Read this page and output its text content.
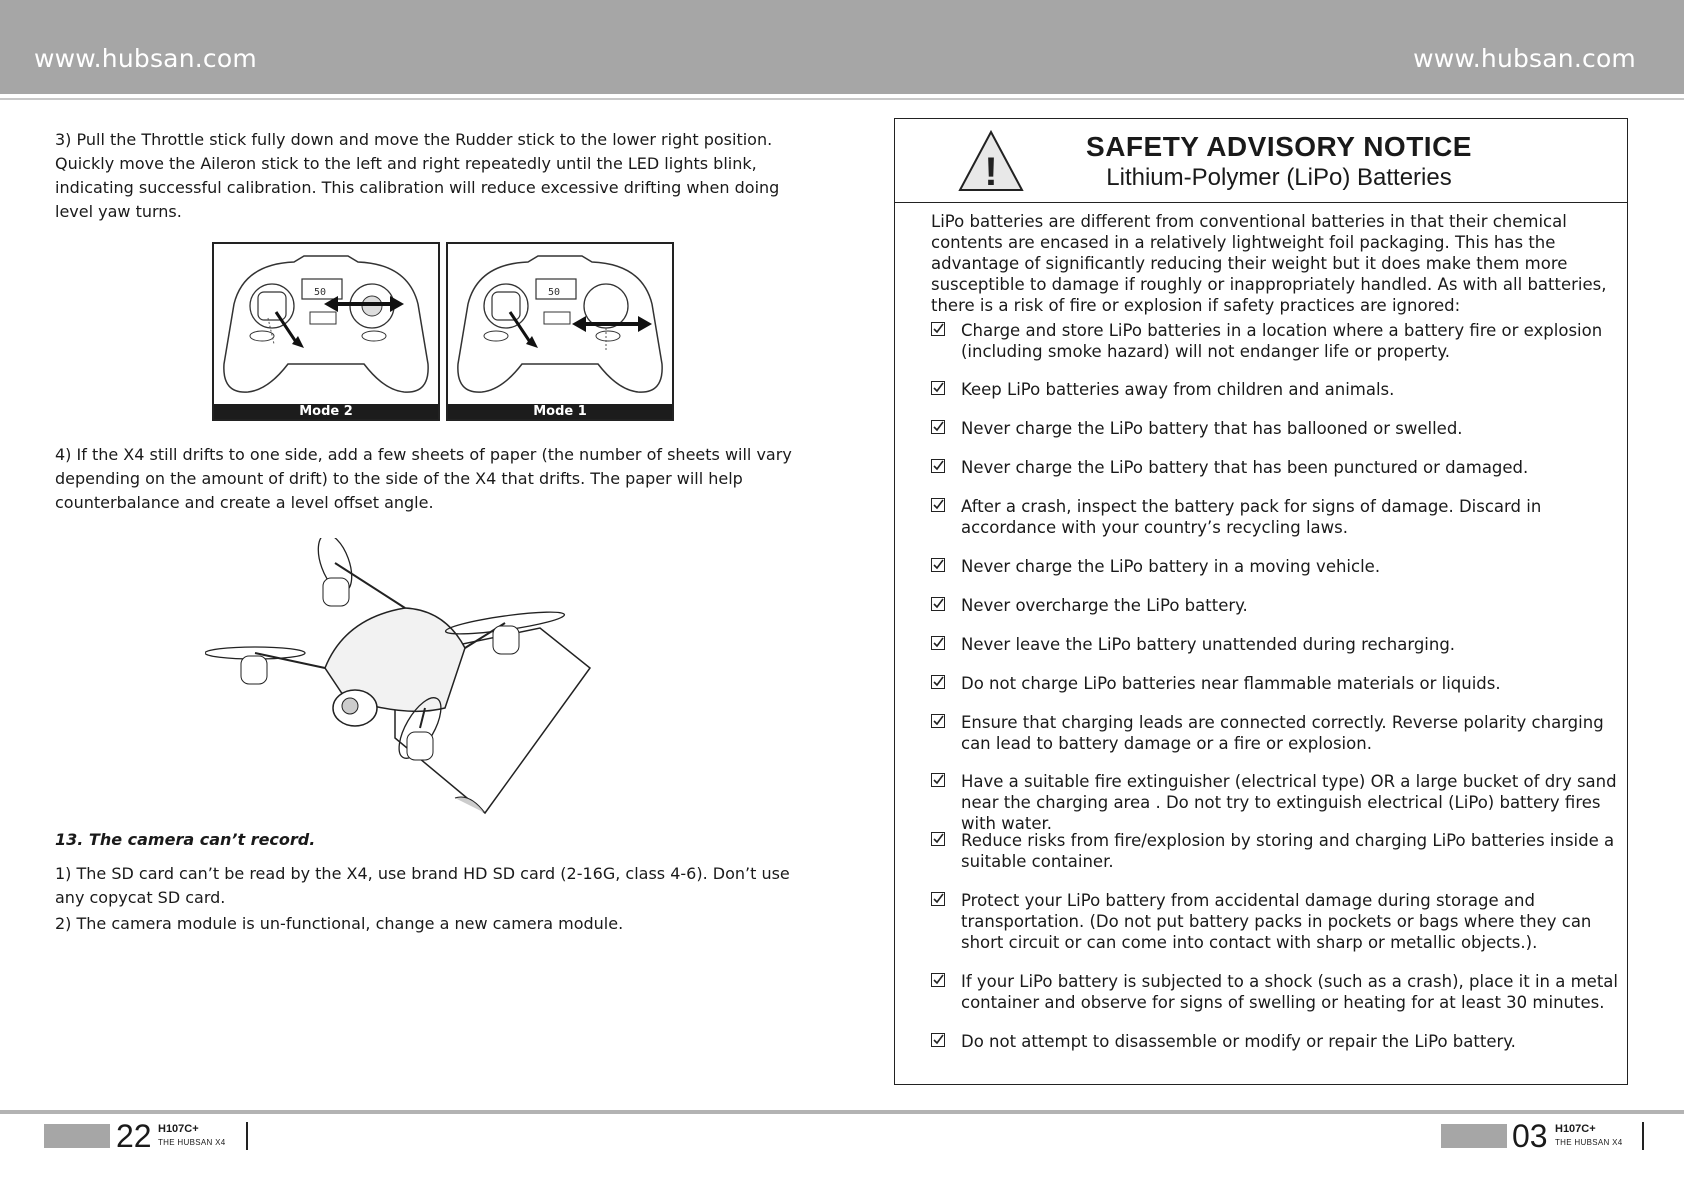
www.hubsan.com	www.hubsan.com
3) Pull the Throttle stick fully down and move the Rudder stick to the lower right position. Quickly move the Aileron stick to the left and right repeatedly until the LED lights blink, indicating successful calibration. This calibration will reduce excessive drifting when doing level yaw turns.
50
Mode 2
50
Mode 1
4) If the X4 still drifts to one side, add a few sheets of paper (the number of sheets will vary depending on the amount of drift) to the side of the X4 that drifts. The paper will help counterbalance and create a level offset angle.
13. The camera can’t record.
1) The SD card can’t be read by the X4, use brand HD SD card (2-16G, class 4-6). Don’t use any copycat SD card.
2) The camera module is un-functional, change a new camera module.
!
SAFETY ADVISORY NOTICE
Lithium-Polymer (LiPo) Batteries
LiPo batteries are different from conventional batteries in that their chemical contents are encased in a relatively lightweight foil packaging. This has the advantage of significantly reducing their weight but it does make them more susceptible to damage if roughly or inappropriately handled. As with all batteries, there is a risk of fire or explosion if safety practices are ignored:
Charge and store LiPo batteries in a location where a battery fire or explosion (including smoke hazard) will not endanger life or property.
Keep LiPo batteries away from children and animals.
Never charge the LiPo battery that has ballooned or swelled.
Never charge the LiPo battery that has been punctured or damaged.
After a crash, inspect the battery pack for signs of damage. Discard in accordance with your country’s recycling laws.
Never charge the LiPo battery in a moving vehicle.
Never overcharge the LiPo battery.
Never leave the LiPo battery unattended during recharging.
Do not charge LiPo batteries near flammable materials or liquids.
Ensure that charging leads are connected correctly. Reverse polarity charging can lead to battery damage or a fire or explosion.
Have a suitable fire extinguisher (electrical type) OR a large bucket of dry sand near the charging area . Do not try to extinguish electrical (LiPo) battery fires with water.
Reduce risks from fire/explosion by storing and charging LiPo batteries inside a suitable container.
Protect your LiPo battery from accidental damage during storage and transportation. (Do not put battery packs in pockets or bags where they can short circuit or can come into contact with sharp or metallic objects.).
If your LiPo battery is subjected to a shock (such as a crash), place it in a metal container and observe for signs of swelling or heating for at least 30 minutes.
Do not attempt to disassemble or modify or repair the LiPo battery.
22 H107C+
THE HUBSAN X4	03 H107C+
THE HUBSAN X4
